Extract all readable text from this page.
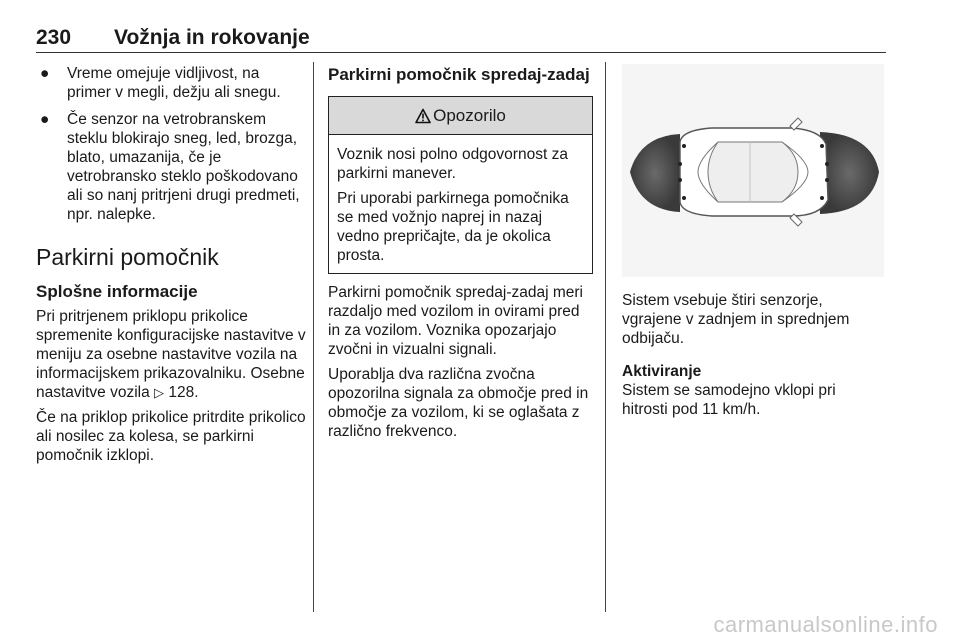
230 Vožnja in rokovanje
● Vreme omejuje vidljivost, na primer v megli, dežju ali snegu.
● Če senzor na vetrobranskem steklu blokirajo sneg, led, brozga, blato, umazanija, če je vetrobransko steklo poškodovano ali so nanj pritrjeni drugi predmeti, npr. nalepke.
Parkirni pomočnik
Splošne informacije

Pri pritrjenem priklopu prikolice spremenite konfiguracijske nastavitve v meniju za osebne nastavitve vozila na informacijskem prikazovalniku. Osebne nastavitve vozila ▷ 128.

Če na priklop prikolice pritrdite prikolico ali nosilec za kolesa, se parkirni pomočnik izklopi.

Parkirni pomočnik spredaj-zadaj
Opozorilo

Voznik nosi polno odgovornost za parkirni manever.

Pri uporabi parkirnega pomočnika se med vožnjo naprej in nazaj vedno prepričajte, da je okolica prosta.

Parkirni pomočnik spredaj-zadaj meri razdaljo med vozilom in ovirami pred in za vozilom. Voznika opozarjajo zvočni in vizualni signali.

Uporablja dva različna zvočna opozorilna signala za območje pred in območje za vozilom, ki se oglašata z različno frekvenco.

Sistem vsebuje štiri senzorje, vgrajene v zadnjem in sprednjem odbijaču.

Aktiviranje

Sistem se samodejno vklopi pri hitrosti pod 11 km/h.

carmanualsonline.info
